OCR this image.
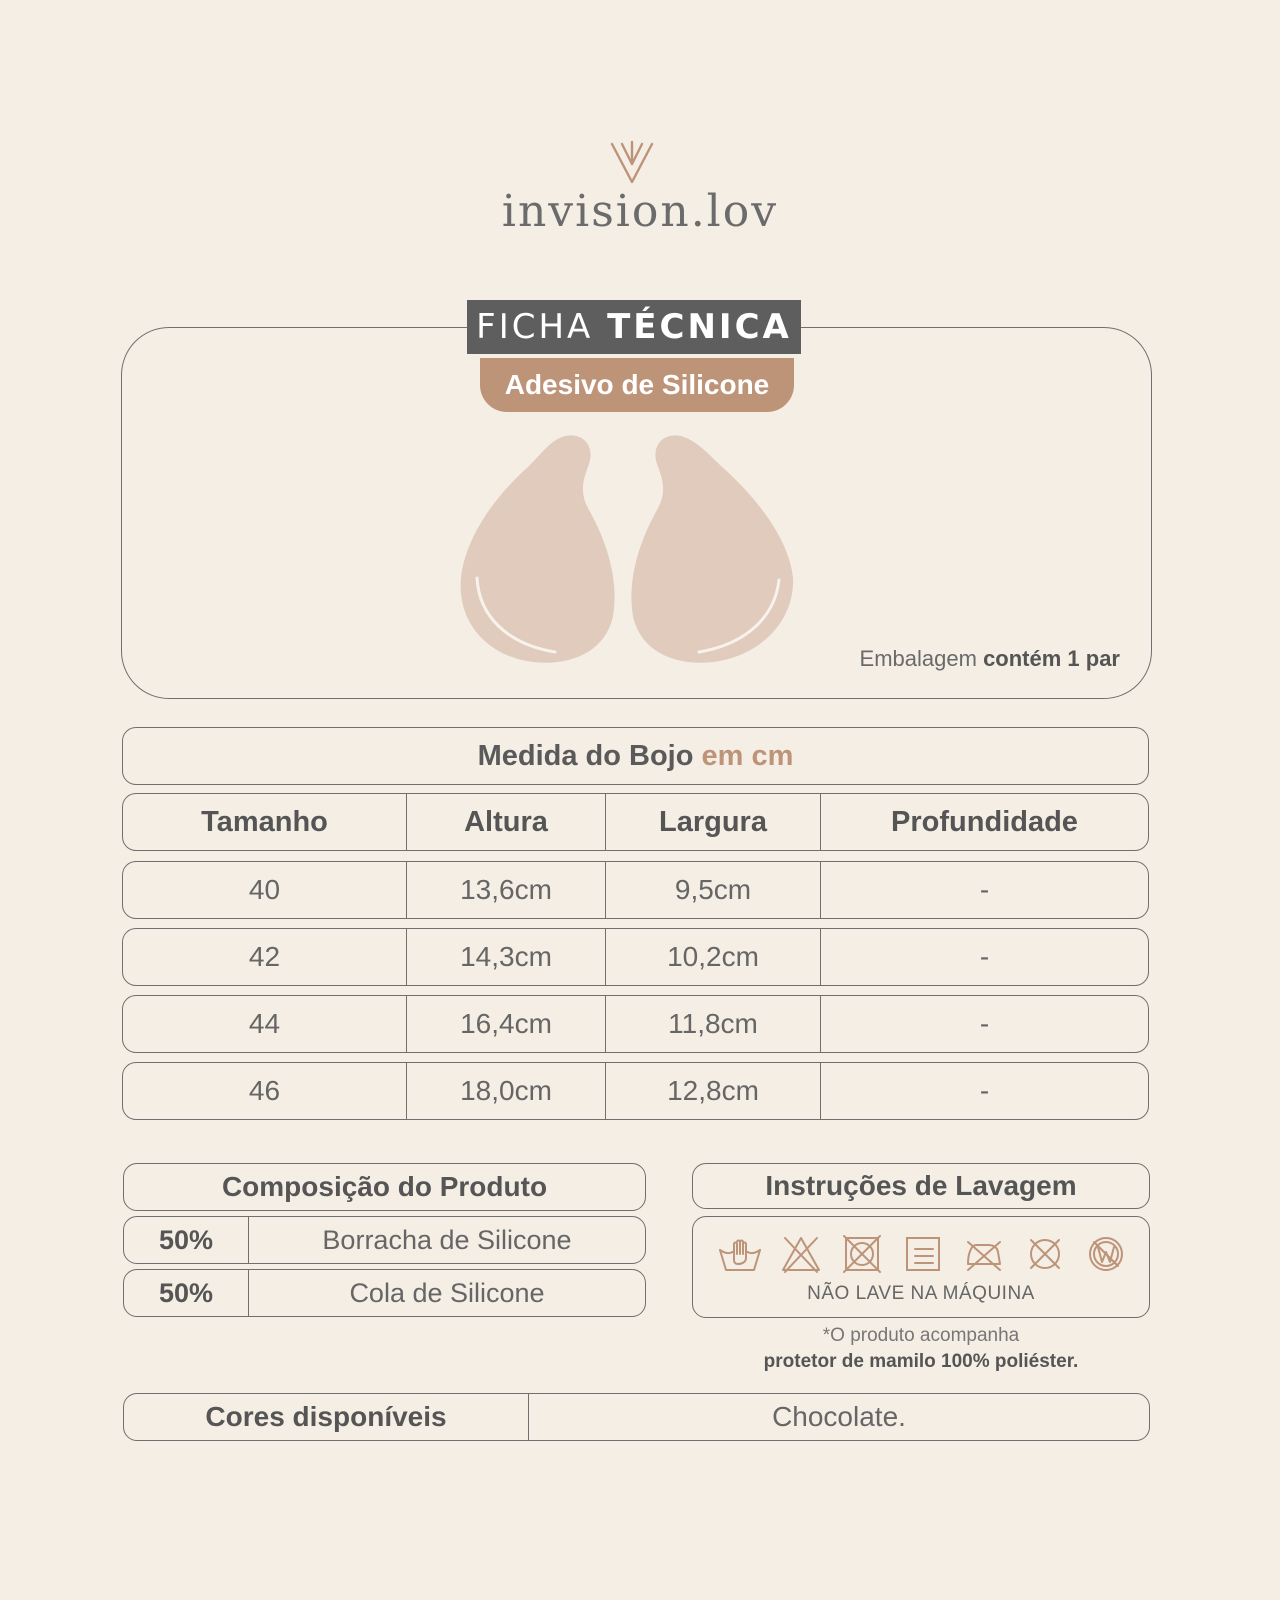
invision.lov
FICHA TÉCNICA
Adesivo de Silicone
Embalagem contém 1 par
Medida do Bojo em cm
Tamanho	Altura	Largura	Profundidade
40	13,6cm	9,5cm	-
42	14,3cm	10,2cm	-
44	16,4cm	11,8cm	-
46	18,0cm	12,8cm	-
Composição do Produto
50%	Borracha de Silicone
50%	Cola de Silicone
Instruções de Lavagem
NÃO LAVE NA MÁQUINA
*O produto acompanha
protetor de mamilo 100% poliéster.
Cores disponíveis	Chocolate.
